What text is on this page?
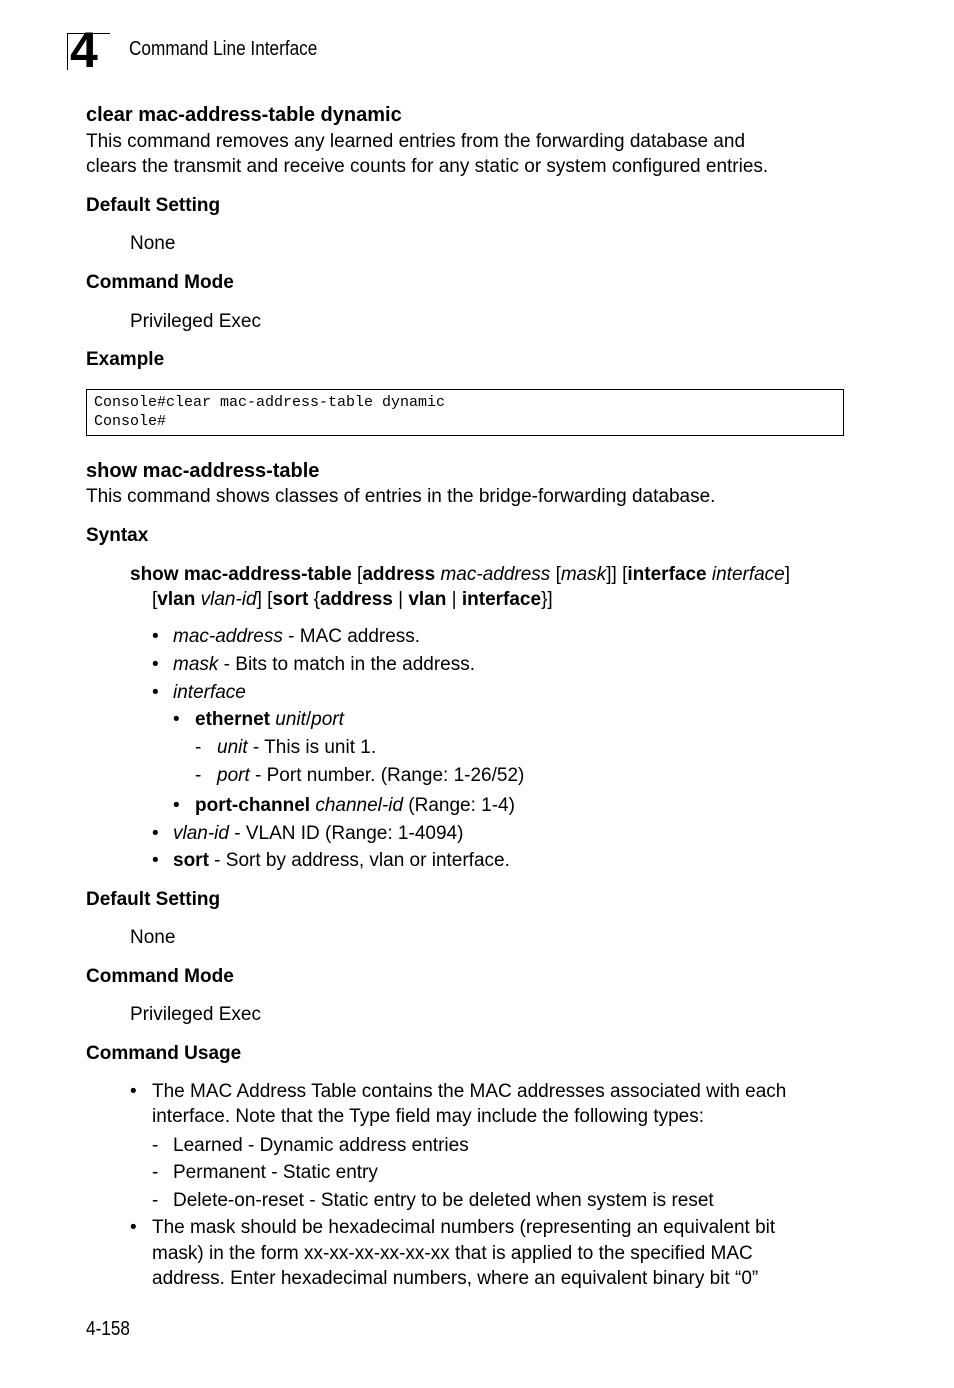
4 Command Line Interface
clear mac-address-table dynamic
This command removes any learned entries from the forwarding database and
clears the transmit and receive counts for any static or system configured entries.
Default Setting
None
Command Mode
Privileged Exec
Example
Console#clear mac-address-table dynamic
Console#
show mac-address-table
This command shows classes of entries in the bridge-forwarding database.
Syntax
show mac-address-table [address mac-address [mask]] [interface interface]
[vlan vlan-id] [sort {address | vlan | interface}]
• mac-address - MAC address.
• mask - Bits to match in the address.
• interface
• ethernet unit/port
- unit - This is unit 1.
- port - Port number. (Range: 1-26/52)
• port-channel channel-id (Range: 1-4)
• vlan-id - VLAN ID (Range: 1-4094)
• sort - Sort by address, vlan or interface.
Default Setting
None
Command Mode
Privileged Exec
Command Usage
• The MAC Address Table contains the MAC addresses associated with each
interface. Note that the Type field may include the following types:
- Learned - Dynamic address entries
- Permanent - Static entry
- Delete-on-reset - Static entry to be deleted when system is reset
• The mask should be hexadecimal numbers (representing an equivalent bit
mask) in the form xx-xx-xx-xx-xx-xx that is applied to the specified MAC
address. Enter hexadecimal numbers, where an equivalent binary bit “0”
4-158
